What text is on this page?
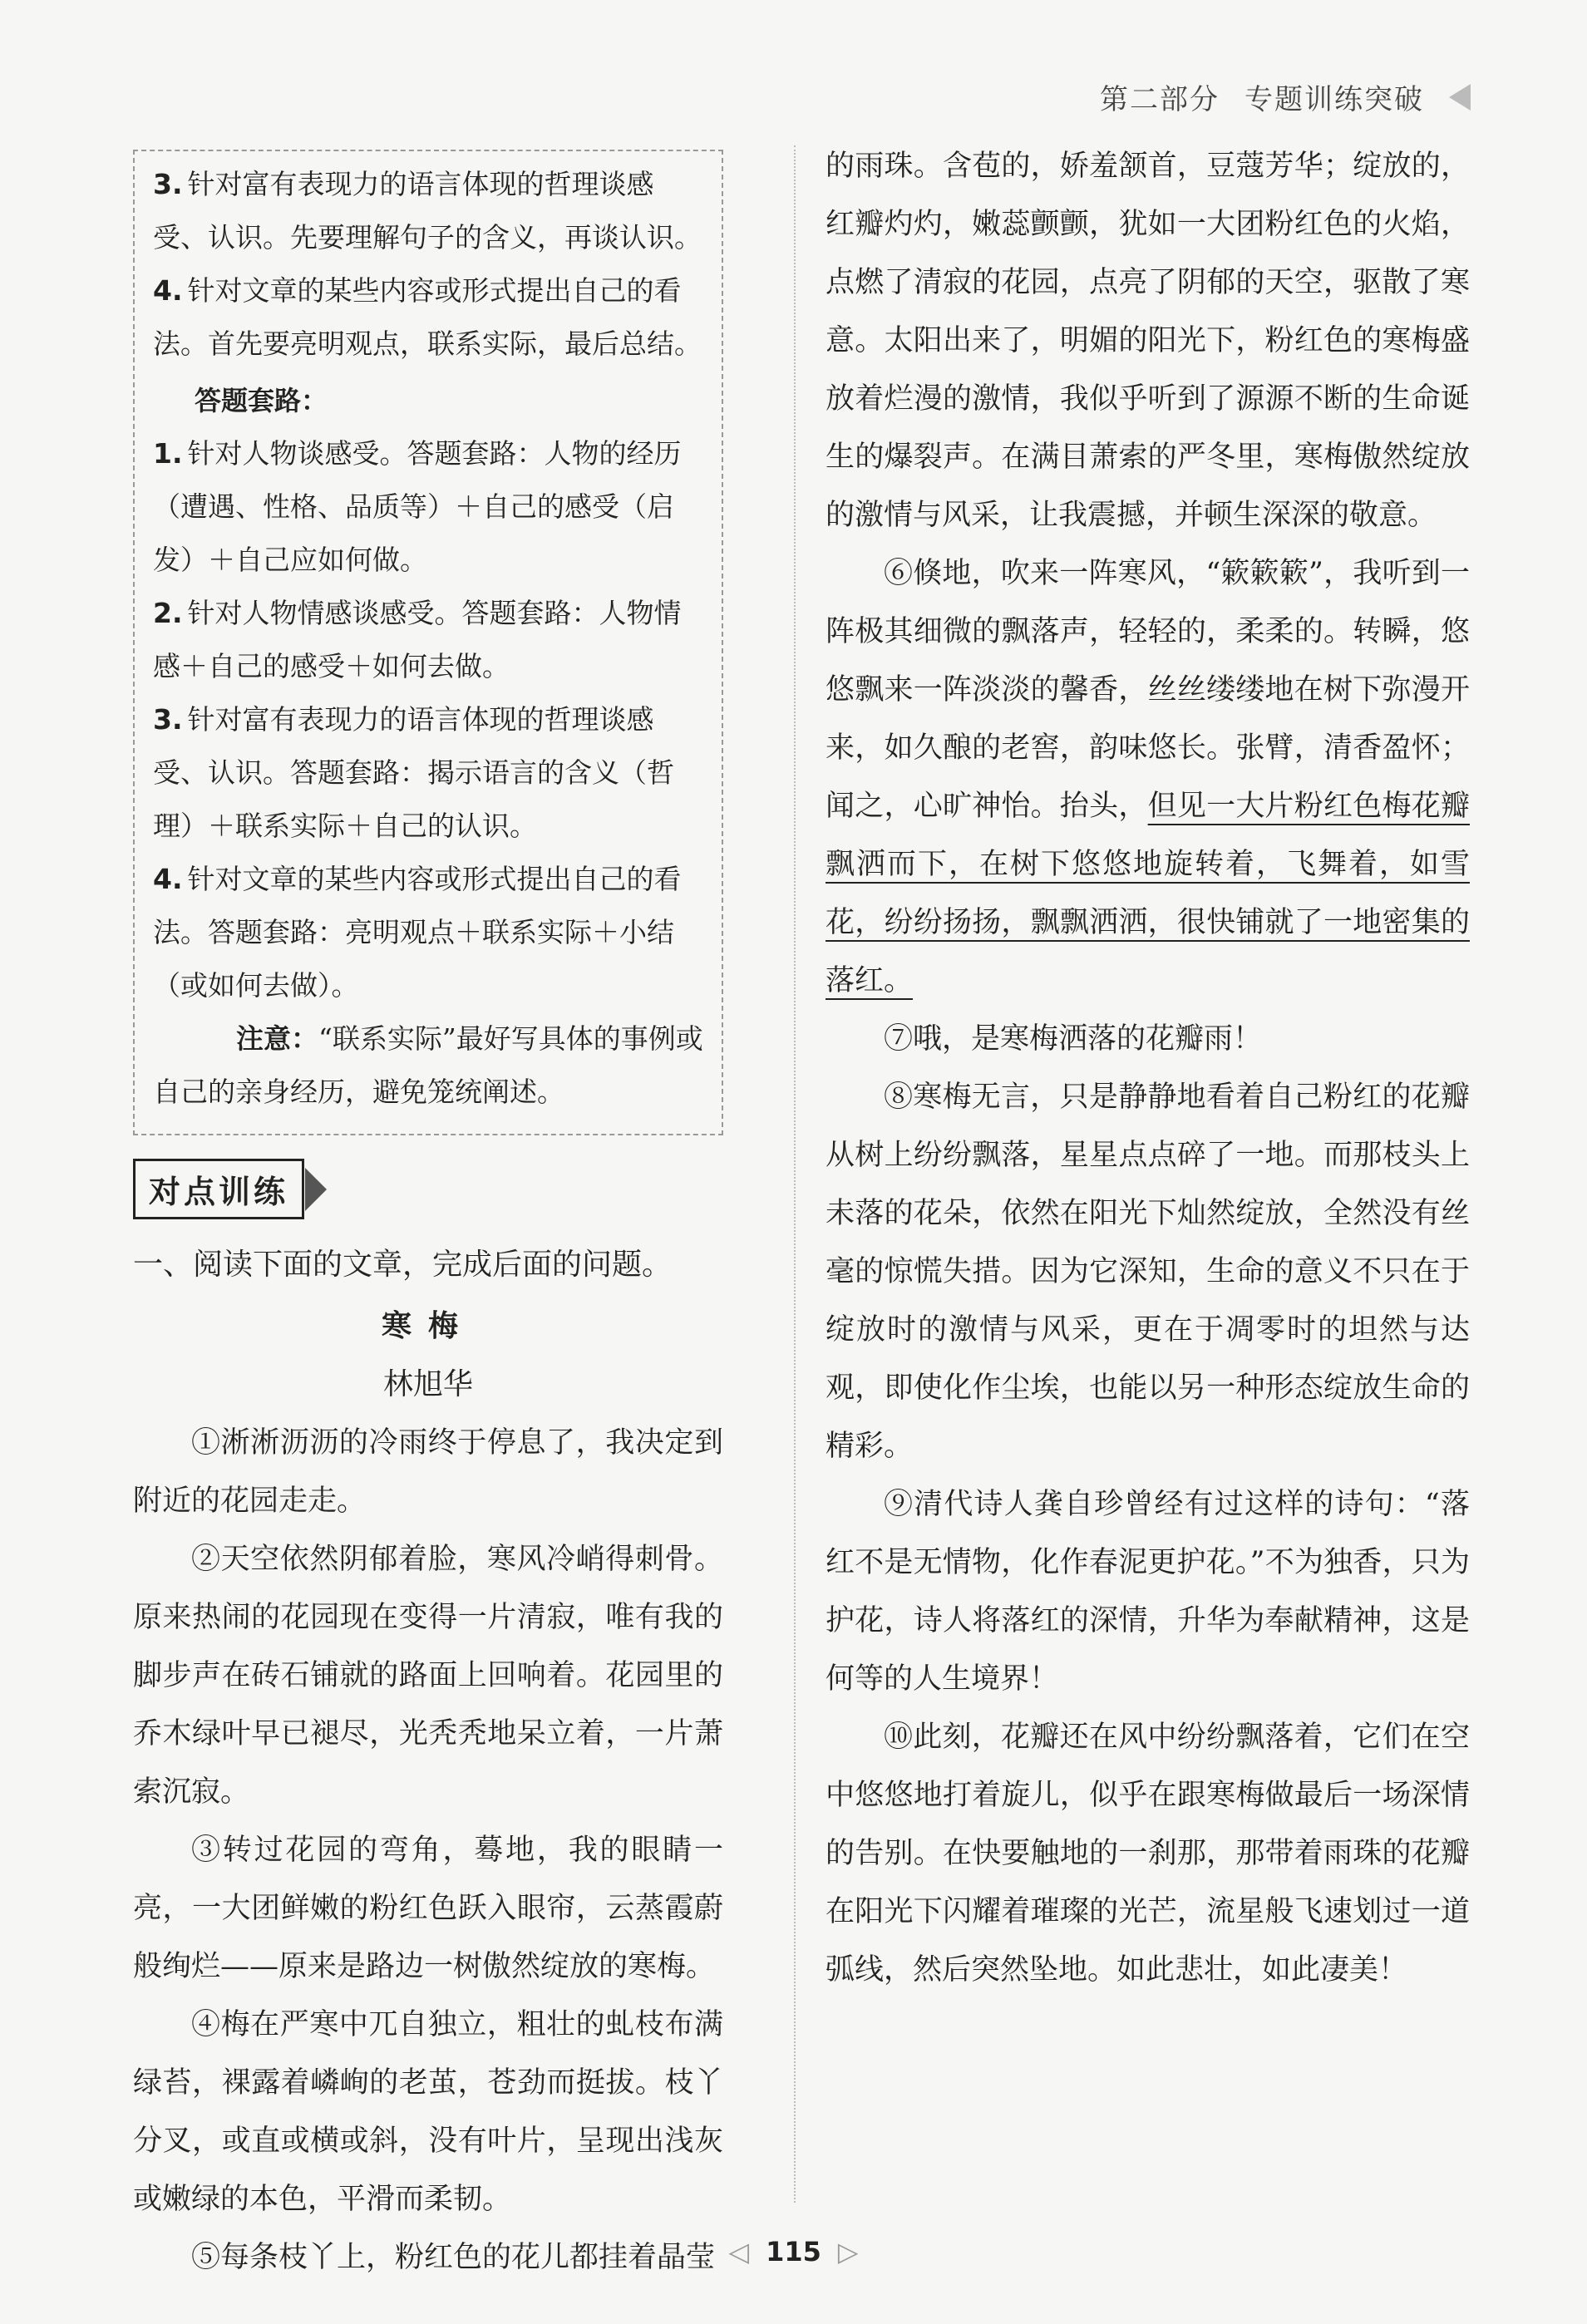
第二部分 专题训练突破

3. 针对富有表现力的语言体现的哲理谈感受、认识。先要理解句子的含义，再谈认识。

4. 针对文章的某些内容或形式提出自己的看法。首先要亮明观点，联系实际，最后总结。

答题套路：

1. 针对人物谈感受。答题套路：人物的经历（遭遇、性格、品质等）＋自己的感受（启发）＋自己应如何做。

2. 针对人物情感谈感受。答题套路：人物情感＋自己的感受＋如何去做。

3. 针对富有表现力的语言体现的哲理谈感受、认识。答题套路：揭示语言的含义（哲理）＋联系实际＋自己的认识。

4. 针对文章的某些内容或形式提出自己的看法。答题套路：亮明观点＋联系实际＋小结（或如何去做）。

注意：“联系实际”最好写具体的事例或自己的亲身经历，避免笼统阐述。

对点训练

一、阅读下面的文章，完成后面的问题。

寒梅
林旭华

①淅淅沥沥的冷雨终于停息了，我决定到附近的花园走走。

②天空依然阴郁着脸，寒风冷峭得刺骨。原来热闹的花园现在变得一片清寂，唯有我的脚步声在砖石铺就的路面上回响着。花园里的乔木绿叶早已褪尽，光秃秃地呆立着，一片萧索沉寂。

③转过花园的弯角，蓦地，我的眼睛一亮，一大团鲜嫩的粉红色跃入眼帘，云蒸霞蔚般绚烂——原来是路边一树傲然绽放的寒梅。

④梅在严寒中兀自独立，粗壮的虬枝布满绿苔，裸露着嶙峋的老茧，苍劲而挺拔。枝丫分叉，或直或横或斜，没有叶片，呈现出浅灰或嫩绿的本色，平滑而柔韧。

⑤每条枝丫上，粉红色的花儿都挂着晶莹

的雨珠。含苞的，娇羞颔首，豆蔻芳华；绽放的，红瓣灼灼，嫩蕊颤颤，犹如一大团粉红色的火焰，点燃了清寂的花园，点亮了阴郁的天空，驱散了寒意。太阳出来了，明媚的阳光下，粉红色的寒梅盛放着烂漫的激情，我似乎听到了源源不断的生命诞生的爆裂声。在满目萧索的严冬里，寒梅傲然绽放的激情与风采，让我震撼，并顿生深深的敬意。

⑥倏地，吹来一阵寒风，“簌簌簌”，我听到一阵极其细微的飘落声，轻轻的，柔柔的。转瞬，悠悠飘来一阵淡淡的馨香，丝丝缕缕地在树下弥漫开来，如久酿的老窖，韵味悠长。张臂，清香盈怀；闻之，心旷神怡。抬头，但见一大片粉红色梅花瓣飘洒而下，在树下悠悠地旋转着，飞舞着，如雪花，纷纷扬扬，飘飘洒洒，很快铺就了一地密集的落红。

⑦哦，是寒梅洒落的花瓣雨！

⑧寒梅无言，只是静静地看着自己粉红的花瓣从树上纷纷飘落，星星点点碎了一地。而那枝头上未落的花朵，依然在阳光下灿然绽放，全然没有丝毫的惊慌失措。因为它深知，生命的意义不只在于绽放时的激情与风采，更在于凋零时的坦然与达观，即使化作尘埃，也能以另一种形态绽放生命的精彩。

⑨清代诗人龚自珍曾经有过这样的诗句：“落红不是无情物，化作春泥更护花。”不为独香，只为护花，诗人将落红的深情，升华为奉献精神，这是何等的人生境界！

⑩此刻，花瓣还在风中纷纷飘落着，它们在空中悠悠地打着旋儿，似乎在跟寒梅做最后一场深情的告别。在快要触地的一刹那，那带着雨珠的花瓣在阳光下闪耀着璀璨的光芒，流星般飞速划过一道弧线，然后突然坠地。如此悲壮，如此凄美！

◁ 115 ▷
